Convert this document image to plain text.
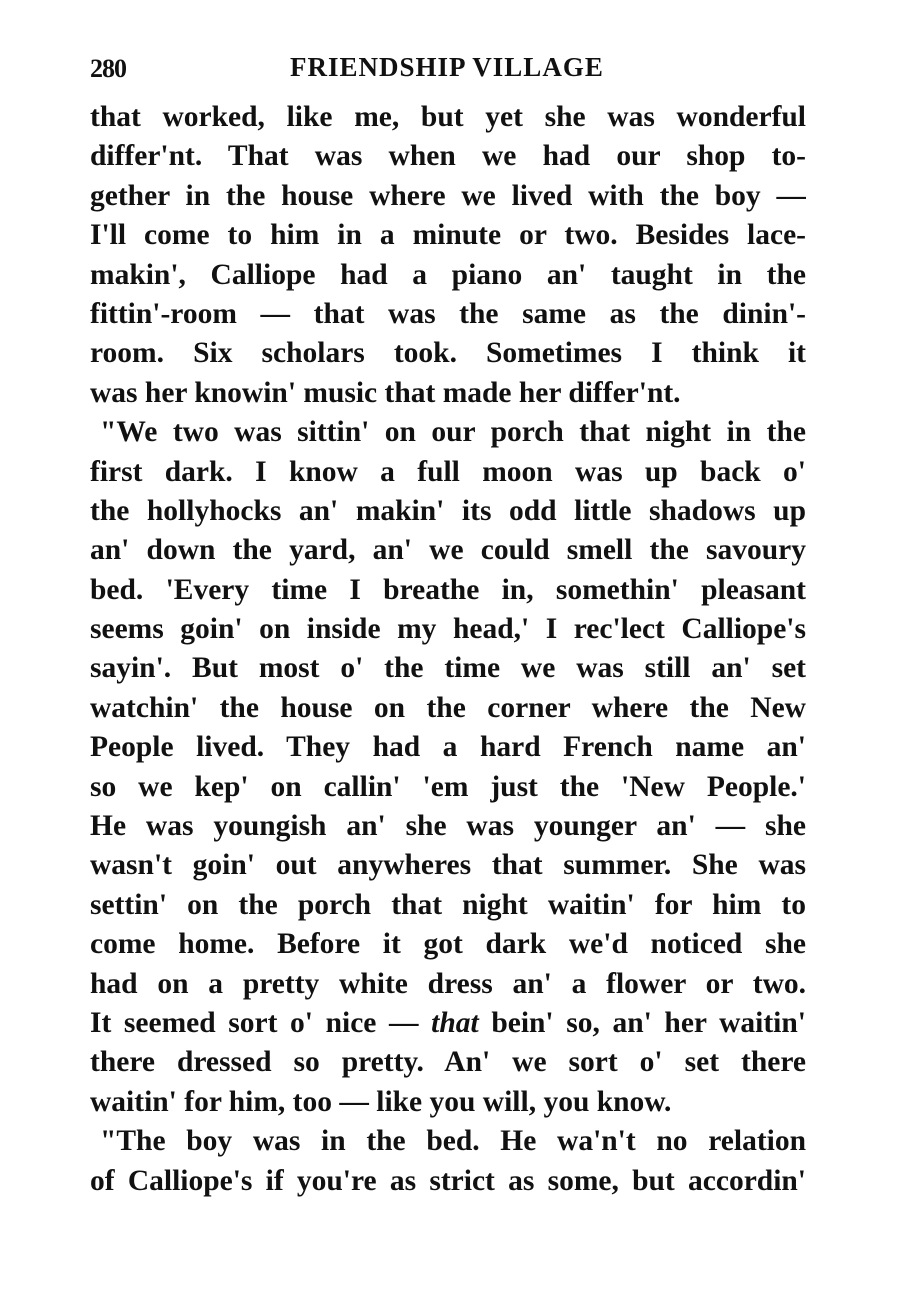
280	FRIENDSHIP VILLAGE
that worked, like me, but yet she was wonderful
differ'nt. That was when we had our shop to-
gether in the house where we lived with the boy —
I'll come to him in a minute or two. Besides lace-
makin', Calliope had a piano an' taught in the
fittin'-room — that was the same as the dinin'-
room. Six scholars took. Sometimes I think it
was her knowin' music that made her differ'nt.
"We two was sittin' on our porch that night in the
first dark. I know a full moon was up back o'
the hollyhocks an' makin' its odd little shadows up
an' down the yard, an' we could smell the savoury
bed. 'Every time I breathe in, somethin' pleasant
seems goin' on inside my head,' I rec'lect Calliope's
sayin'. But most o' the time we was still an' set
watchin' the house on the corner where the New
People lived. They had a hard French name an'
so we kep' on callin' 'em just the 'New People.'
He was youngish an' she was younger an' — she
wasn't goin' out anywheres that summer. She was
settin' on the porch that night waitin' for him to
come home. Before it got dark we'd noticed she
had on a pretty white dress an' a flower or two.
It seemed sort o' nice — that bein' so, an' her waitin'
there dressed so pretty. An' we sort o' set there
waitin' for him, too — like you will, you know.
"The boy was in the bed. He wa'n't no relation
of Calliope's if you're as strict as some, but accordin'
